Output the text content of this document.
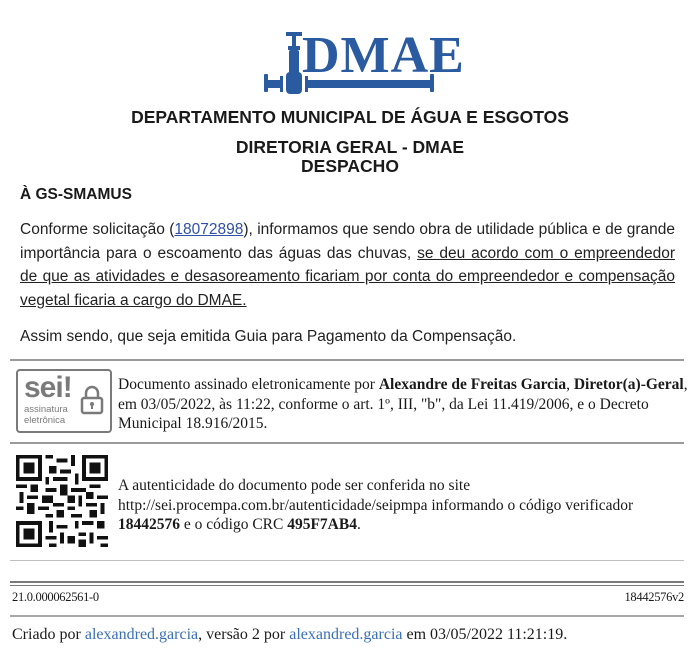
DMAE
DEPARTAMENTO MUNICIPAL DE ÁGUA E ESGOTOS
DIRETORIA GERAL - DMAE
DESPACHO
À GS-SMAMUS
Conforme solicitação (18072898), informamos que sendo obra de utilidade pública e de grande importância para o escoamento das águas das chuvas, se deu acordo com o empreendedor de que as atividades e desasoreamento ficariam por conta do empreendedor e compensação vegetal ficaria a cargo do DMAE.
Assim sendo, que seja emitida Guia para Pagamento da Compensação.
sei!
assinatura
eletrônica
Documento assinado eletronicamente por Alexandre de Freitas Garcia, Diretor(a)-Geral, em 03/05/2022, às 11:22, conforme o art. 1º, III, "b", da Lei 11.419/2006, e o Decreto Municipal 18.916/2015.
A autenticidade do documento pode ser conferida no site
http://sei.procempa.com.br/autenticidade/seipmpa informando o código verificador
18442576 e o código CRC 495F7AB4.
21.0.000062561-0	18442576v2
Criado por alexandred.garcia, versão 2 por alexandred.garcia em 03/05/2022 11:21:19.
